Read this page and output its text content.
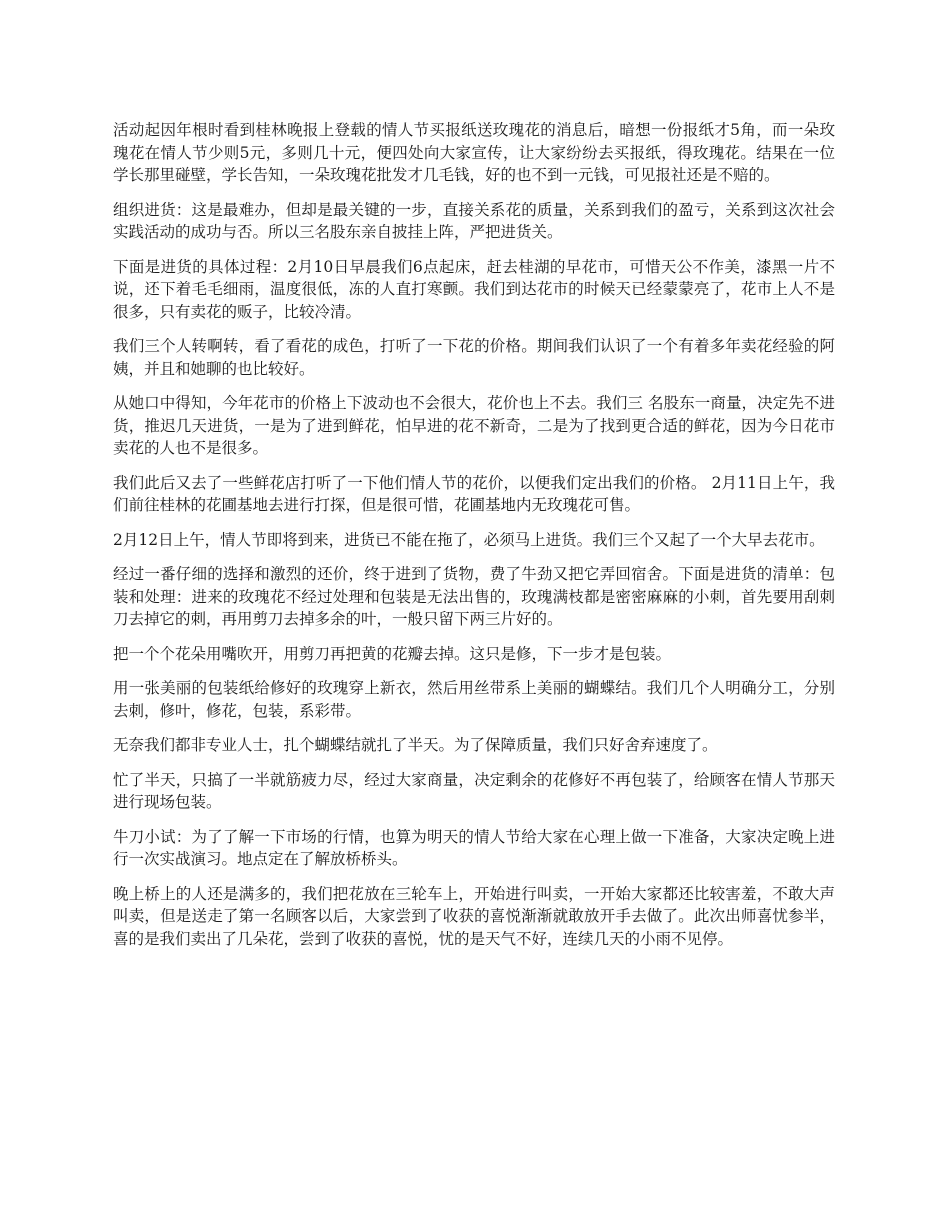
活动起因年根时看到桂林晚报上登载的情人节买报纸送玫瑰花的消息后，暗想一份报纸才5角，而一朵玫瑰花在情人节少则5元，多则几十元，便四处向大家宣传，让大家纷纷去买报纸，得玫瑰花。结果在一位学长那里碰壁，学长告知，一朵玫瑰花批发才几毛钱，好的也不到一元钱，可见报社还是不赔的。

组织进货：这是最难办，但却是最关键的一步，直接关系花的质量，关系到我们的盈亏，关系到这次社会实践活动的成功与否。所以三名股东亲自披挂上阵，严把进货关。

下面是进货的具体过程：2月10日早晨我们6点起床，赶去桂湖的早花市，可惜天公不作美，漆黑一片不说，还下着毛毛细雨，温度很低，冻的人直打寒颤。我们到达花市的时候天已经蒙蒙亮了，花市上人不是很多，只有卖花的贩子，比较冷清。

我们三个人转啊转，看了看花的成色，打听了一下花的价格。期间我们认识了一个有着多年卖花经验的阿姨，并且和她聊的也比较好。

从她口中得知，今年花市的价格上下波动也不会很大，花价也上不去。我们三 名股东一商量，决定先不进货，推迟几天进货，一是为了进到鲜花，怕早进的花不新奇，二是为了找到更合适的鲜花，因为今日花市卖花的人也不是很多。

我们此后又去了一些鲜花店打听了一下他们情人节的花价，以便我们定出我们的价格。 2月11日上午，我们前往桂林的花圃基地去进行打探，但是很可惜，花圃基地内无玫瑰花可售。

2月12日上午，情人节即将到来，进货已不能在拖了，必须马上进货。我们三个又起了一个大早去花市。

经过一番仔细的选择和激烈的还价，终于进到了货物，费了牛劲又把它弄回宿舍。下面是进货的清单：包装和处理：进来的玫瑰花不经过处理和包装是无法出售的，玫瑰满枝都是密密麻麻的小刺，首先要用刮刺刀去掉它的刺，再用剪刀去掉多余的叶，一般只留下两三片好的。

把一个个花朵用嘴吹开，用剪刀再把黄的花瓣去掉。这只是修，下一步才是包装。

用一张美丽的包装纸给修好的玫瑰穿上新衣，然后用丝带系上美丽的蝴蝶结。我们几个人明确分工，分别去刺，修叶，修花，包装，系彩带。

无奈我们都非专业人士，扎个蝴蝶结就扎了半天。为了保障质量，我们只好舍弃速度了。

忙了半天，只搞了一半就筋疲力尽，经过大家商量，决定剩余的花修好不再包装了，给顾客在情人节那天进行现场包装。

牛刀小试：为了了解一下市场的行情，也算为明天的情人节给大家在心理上做一下准备，大家决定晚上进行一次实战演习。地点定在了解放桥桥头。

晚上桥上的人还是满多的，我们把花放在三轮车上，开始进行叫卖，一开始大家都还比较害羞，不敢大声叫卖，但是送走了第一名顾客以后，大家尝到了收获的喜悦渐渐就敢放开手去做了。此次出师喜忧参半，喜的是我们卖出了几朵花，尝到了收获的喜悦，忧的是天气不好，连续几天的小雨不见停。
